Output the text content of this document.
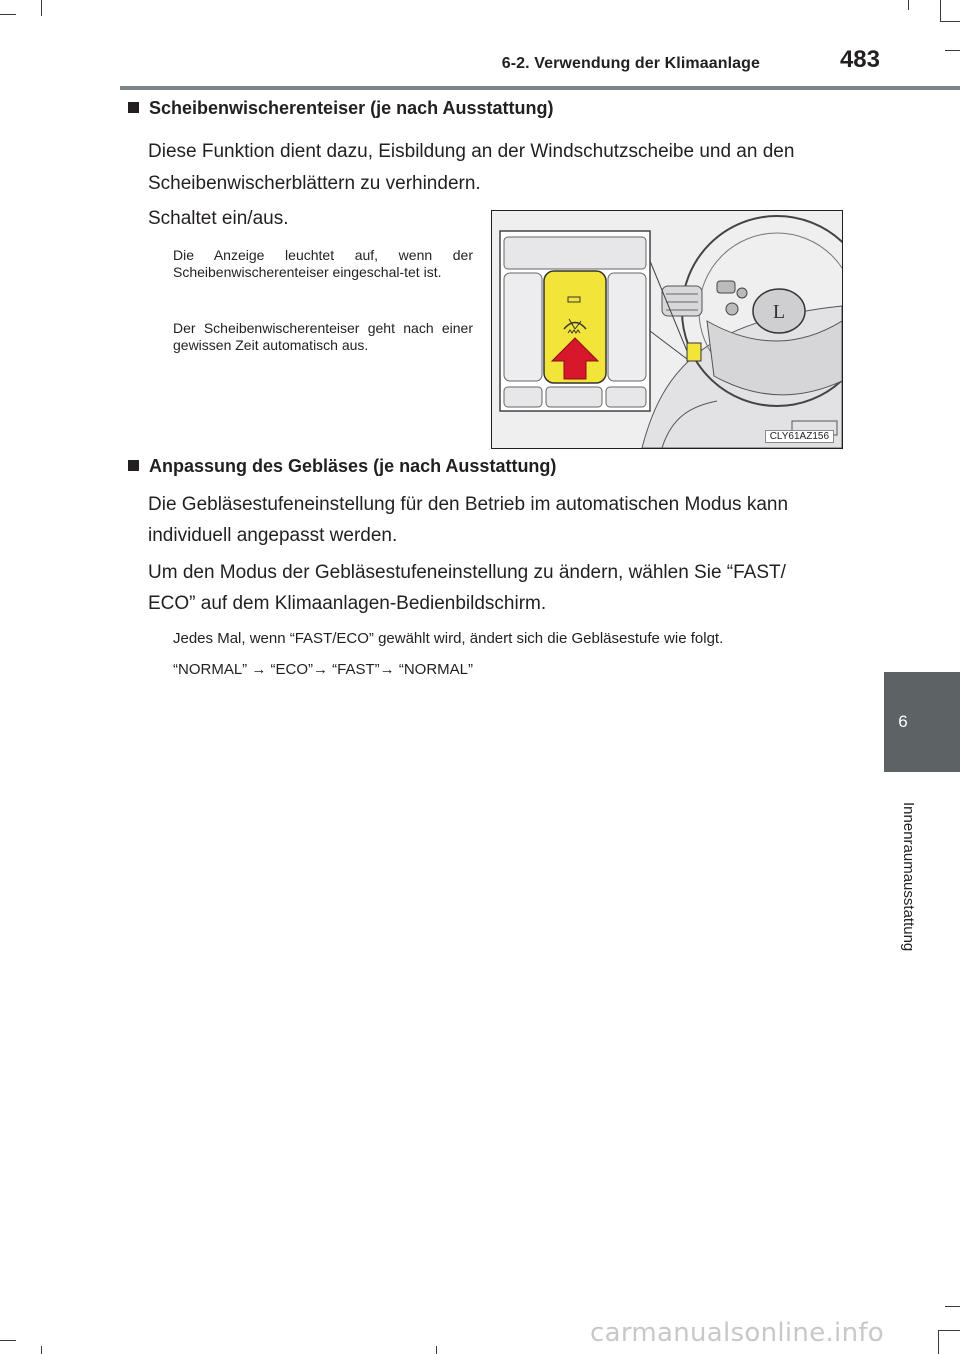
6-2. Verwendung der Klimaanlage	483
6
Innenraumausstattung
Scheibenwischerenteiser (je nach Ausstattung)
Diese Funktion dient dazu, Eisbildung an der Windschutzscheibe und an den
Scheibenwischerblättern zu verhindern.
Schaltet ein/aus.
Die Anzeige leuchtet auf, wenn der Scheibenwischerenteiser eingeschal-tet ist.
Der Scheibenwischerenteiser geht nach einer gewissen Zeit automatisch aus.
L
CLY61AZ156
Anpassung des Gebläses (je nach Ausstattung)
Die Gebläsestufeneinstellung für den Betrieb im automatischen Modus kann
individuell angepasst werden.
Um den Modus der Gebläsestufeneinstellung zu ändern, wählen Sie “FAST/
ECO” auf dem Klimaanlagen-Bedienbildschirm.
Jedes Mal, wenn “FAST/ECO” gewählt wird, ändert sich die Gebläsestufe wie folgt.
“NORMAL” → “ECO”→ “FAST”→ “NORMAL”
carmanualsonline.info
